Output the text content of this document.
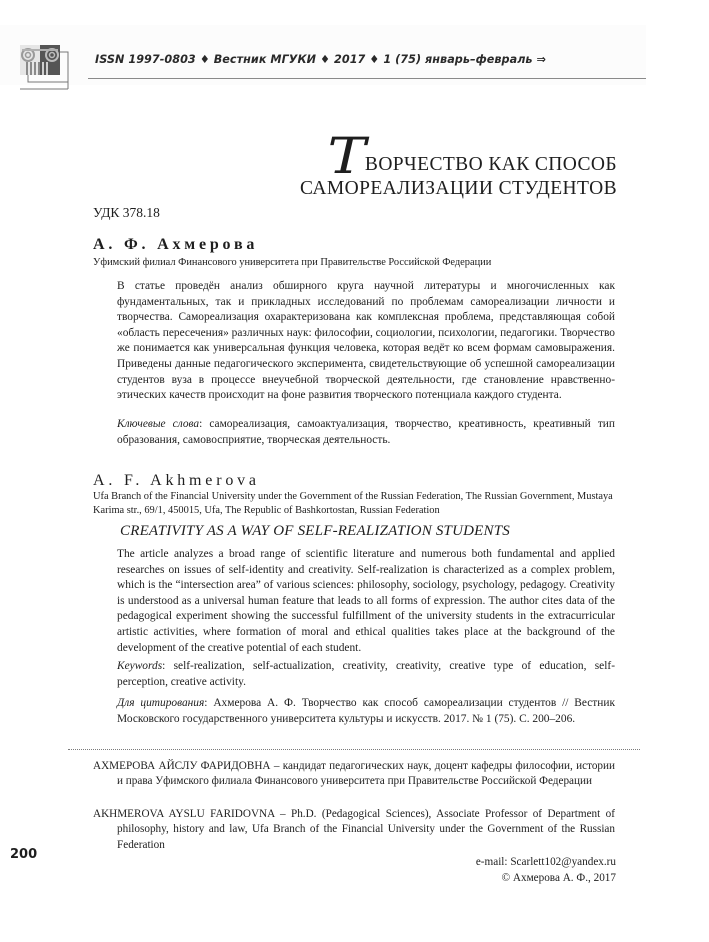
ISSN 1997-0803 ♦ Вестник МГУКИ ♦ 2017 ♦ 1 (75) январь–февраль ⇒
Т ВОРЧЕСТВО КАК СПОСОБ
САМОРЕАЛИЗАЦИИ СТУДЕНТОВ
УДК 378.18
А. Ф. Ахмерова
Уфимский филиал Финансового университета при Правительстве Российской Федерации
В статье проведён анализ обширного круга научной литературы и многочисленных как фундаментальных, так и прикладных исследований по проблемам самореализации личности и творчества. Самореализация охарактеризована как комплексная проблема, представляющая собой «область пересечения» различных наук: философии, социологии, психологии, педагогики. Творчество же понимается как универсальная функция человека, которая ведёт ко всем формам самовыражения. Приведены данные педагогического эксперимента, свидетельствующие об успешной самореализации студентов вуза в процессе внеучебной творческой деятельности, где становление нравственно-этических качеств происходит на фоне развития творческого потенциала каждого студента.
Ключевые слова: самореализация, самоактуализация, творчество, креативность, креативный тип образования, самовосприятие, творческая деятельность.
A. F. Akhmerova
Ufa Branch of the Financial University under the Government of the Russian Federation, The Russian Government, Mustaya Karima str., 69/1, 450015, Ufa, The Republic of Bashkortostan, Russian Federation
CREATIVITY AS A WAY OF SELF-REALIZATION STUDENTS
The article analyzes a broad range of scientific literature and numerous both fundamental and applied researches on issues of self-identity and creativity. Self-realization is characterized as a complex problem, which is the “intersection area” of various sciences: philosophy, sociology, psychology, pedagogy. Creativity is understood as a universal human feature that leads to all forms of expression. The author cites data of the pedagogical experiment showing the successful fulfillment of the university students in the extracurricular artistic activities, where formation of moral and ethical qualities takes place at the background of the development of the creative potential of each student.
Keywords: self-realization, self-actualization, creativity, creativity, creative type of education, self-perception, creative activity.
Для цитирования: Ахмерова А. Ф. Творчество как способ самореализации студентов // Вестник Московского государственного университета культуры и искусств. 2017. № 1 (75). С. 200–206.

АХМЕРОВА АЙСЛУ ФАРИДОВНА – кандидат педагогических наук, доцент кафедры философии, истории и права Уфимского филиала Финансового университета при Правительстве Российской Федерации

AKHMEROVA AYSLU FARIDOVNA – Ph.D. (Pedagogical Sciences), Associate Professor of Department of philosophy, history and law, Ufa Branch of the Financial University under the Government of the Russian Federation

200	e-mail: Scarlett102@yandex.ru
© Ахмерова А. Ф., 2017
